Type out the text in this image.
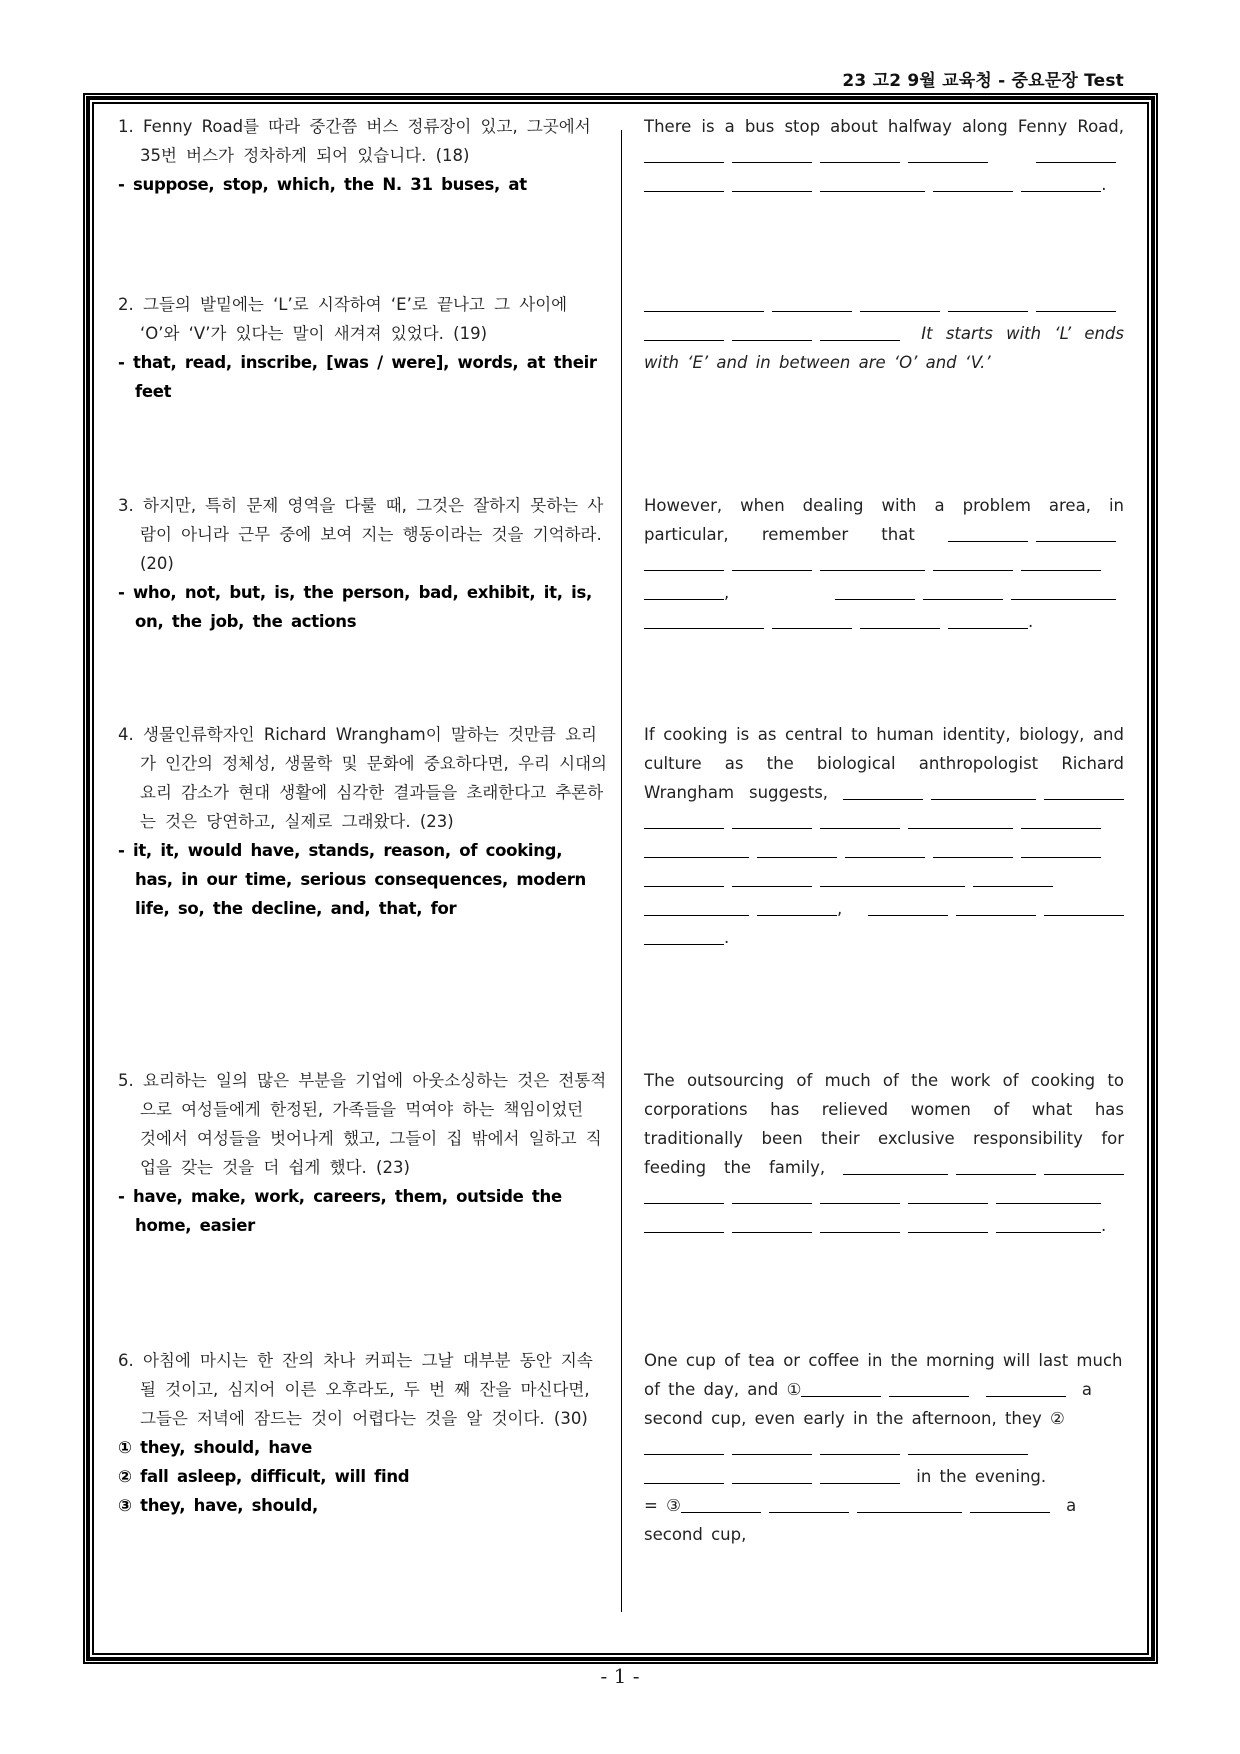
23 고2 9월 교육청 - 중요문장 Test
1. Fenny Road를 따라 중간쯤 버스 정류장이 있고, 그곳에서 35번 버스가 정차하게 되어 있습니다. (18)
- suppose, stop, which, the N. 31 buses, at
There is a bus stop about halfway along Fenny Road,   .
2. 그들의 발밑에는 ‘L’로 시작하여 ‘E’로 끝나고 그 사이에 ‘O’와 ‘V’가 있다는 말이 새겨져 있었다. (19)
- that, read, inscribe, [was / were], words, at their feet
It starts with ‘L’ ends with ‘E’ and in between are ‘O’ and ‘V.’
3. 하지만, 특히 문제 영역을 다룰 때, 그것은 잘하지 못하는 사람이 아니라 근무 중에 보여 지는 행동이라는 것을 기억하라. (20)
- who, not, but, is, the person, bad, exhibit, it, is, on, the job, the actions
However, when dealing with a problem area, in particular, remember that   ,  .
4. 생물인류학자인 Richard Wrangham이 말하는 것만큼 요리가 인간의 정체성, 생물학 및 문화에 중요하다면, 우리 시대의 요리 감소가 현대 생활에 심각한 결과들을 초래한다고 추론하는 것은 당연하고, 실제로 그래왔다. (23)
- it, it, would have, stands, reason, of cooking, has, in our time, serious consequences, modern life, so, the decline, and, that, for
If cooking is as central to human identity, biology, and culture as the biological anthropologist Richard Wrangham suggests,     ,  .
5. 요리하는 일의 많은 부분을 기업에 아웃소싱하는 것은 전통적으로 여성들에게 한정된, 가족들을 먹여야 하는 책임이었던 것에서 여성들을 벗어나게 했고, 그들이 집 밖에서 일하고 직업을 갖는 것을 더 쉽게 했다. (23)
- have, make, work, careers, them, outside the home, easier
The outsourcing of much of the work of cooking to corporations has relieved women of what has traditionally been their exclusive responsibility for feeding the family,   .
6. 아침에 마시는 한 잔의 차나 커피는 그날 대부분 동안 지속될 것이고, 심지어 이른 오후라도, 두 번 째 잔을 마신다면, 그들은 저녁에 잠드는 것이 어렵다는 것을 알 것이다. (30)
① they, should, have
② fall asleep, difficult, will find
③ they, have, should,
One cup of tea or coffee in the morning will last much of the day, and ①	a second cup, even early in the afternoon, they ②  in the evening.
= ③	a second cup,
- 1 -
